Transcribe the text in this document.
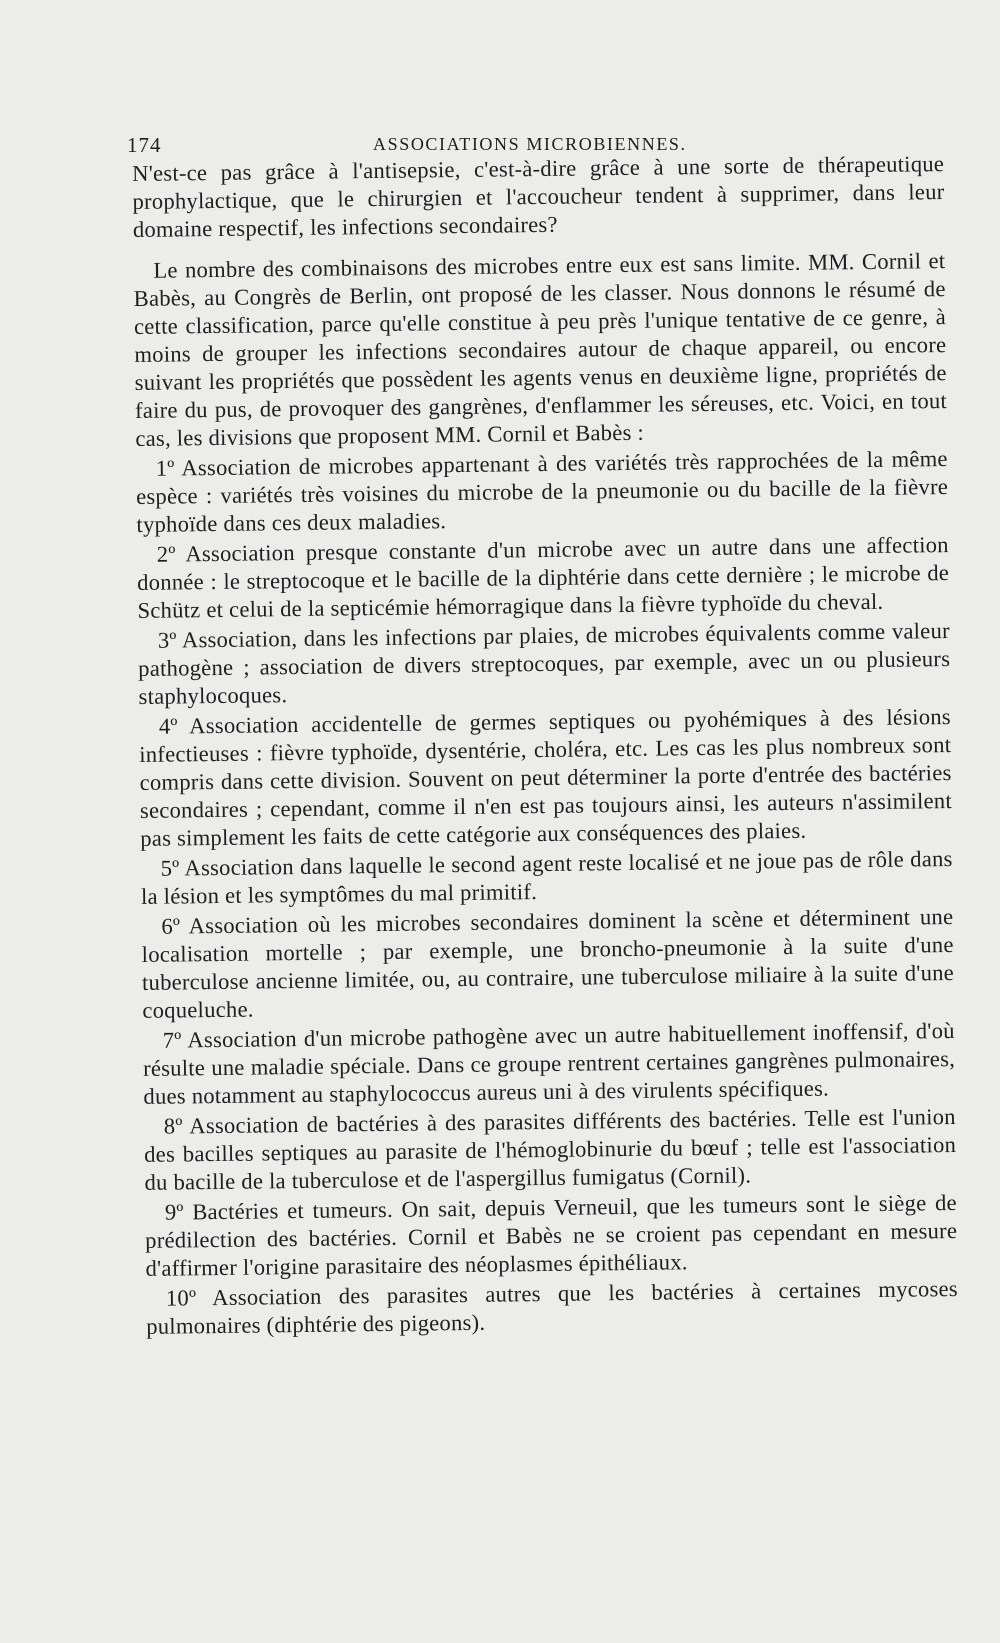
174	ASSOCIATIONS MICROBIENNES.

N'est-ce pas grâce à l'antisepsie, c'est-à-dire grâce à une sorte de thérapeutique prophylactique, que le chirurgien et l'accoucheur tendent à supprimer, dans leur domaine respectif, les infections secondaires?

Le nombre des combinaisons des microbes entre eux est sans limite. MM. Cornil et Babès, au Congrès de Berlin, ont proposé de les classer. Nous donnons le résumé de cette classification, parce qu'elle constitue à peu près l'unique tentative de ce genre, à moins de grouper les infections secondaires autour de chaque appareil, ou encore suivant les propriétés que possèdent les agents venus en deuxième ligne, propriétés de faire du pus, de provoquer des gangrènes, d'enflammer les séreuses, etc. Voici, en tout cas, les divisions que proposent MM. Cornil et Babès :

1º Association de microbes appartenant à des variétés très rapprochées de la même espèce : variétés très voisines du microbe de la pneumonie ou du bacille de la fièvre typhoïde dans ces deux maladies.

2º Association presque constante d'un microbe avec un autre dans une affection donnée : le streptocoque et le bacille de la diphtérie dans cette dernière ; le microbe de Schütz et celui de la septicémie hémorragique dans la fièvre typhoïde du cheval.

3º Association, dans les infections par plaies, de microbes équivalents comme valeur pathogène ; association de divers streptocoques, par exemple, avec un ou plusieurs staphylocoques.

4º Association accidentelle de germes septiques ou pyohémiques à des lésions infectieuses : fièvre typhoïde, dysentérie, choléra, etc. Les cas les plus nombreux sont compris dans cette division. Souvent on peut déterminer la porte d'entrée des bactéries secondaires ; cependant, comme il n'en est pas toujours ainsi, les auteurs n'assimilent pas simplement les faits de cette catégorie aux conséquences des plaies.

5º Association dans laquelle le second agent reste localisé et ne joue pas de rôle dans la lésion et les symptômes du mal primitif.

6º Association où les microbes secondaires dominent la scène et déterminent une localisation mortelle ; par exemple, une broncho-pneumonie à la suite d'une tuberculose ancienne limitée, ou, au contraire, une tuberculose miliaire à la suite d'une coqueluche.

7º Association d'un microbe pathogène avec un autre habituellement inoffensif, d'où résulte une maladie spéciale. Dans ce groupe rentrent certaines gangrènes pulmonaires, dues notamment au staphylococcus aureus uni à des virulents spécifiques.

8º Association de bactéries à des parasites différents des bactéries. Telle est l'union des bacilles septiques au parasite de l'hémoglobinurie du bœuf ; telle est l'association du bacille de la tuberculose et de l'aspergillus fumigatus (Cornil).

9º Bactéries et tumeurs. On sait, depuis Verneuil, que les tumeurs sont le siège de prédilection des bactéries. Cornil et Babès ne se croient pas cependant en mesure d'affirmer l'origine parasitaire des néoplasmes épithéliaux.

10º Association des parasites autres que les bactéries à certaines mycoses pulmonaires (diphtérie des pigeons).
